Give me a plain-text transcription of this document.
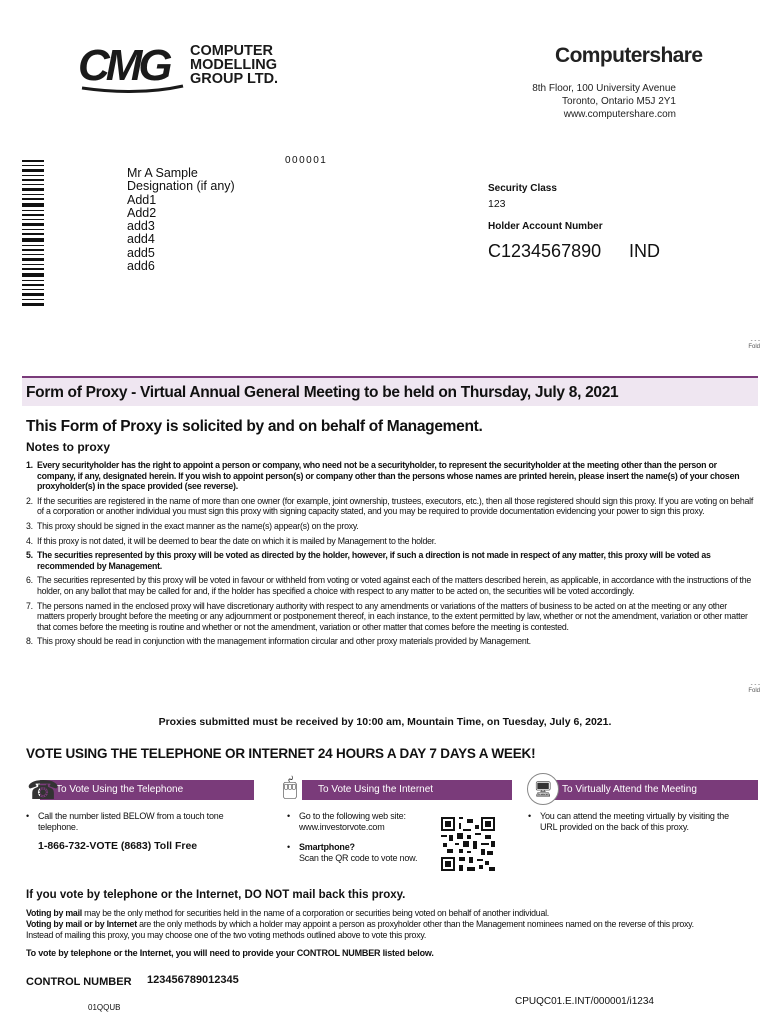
CMG COMPUTER
MODELLING
GROUP LTD.
Computershare
8th Floor, 100 University Avenue
Toronto, Ontario M5J 2Y1
www.computershare.com
000001
Mr A Sample
Designation (if any)
Add1
Add2
add3
add4
add5
add6
Security Class
123
Holder Account Number
C1234567890 IND
- - -
Fold
Form of Proxy - Virtual Annual General Meeting to be held on Thursday, July 8, 2021
This Form of Proxy is solicited by and on behalf of Management.
Notes to proxy
1. Every securityholder has the right to appoint a person or company, who need not be a securityholder, to represent the securityholder at the meeting other than the person or company, if any, designated herein. If you wish to appoint person(s) or company other than the persons whose names are printed herein, please insert the name(s) of your chosen proxyholder(s) in the space provided (see reverse).
2. If the securities are registered in the name of more than one owner (for example, joint ownership, trustees, executors, etc.), then all those registered should sign this proxy. If you are voting on behalf of a corporation or another individual you must sign this proxy with signing capacity stated, and you may be required to provide documentation evidencing your power to sign this proxy.
3. This proxy should be signed in the exact manner as the name(s) appear(s) on the proxy.
4. If this proxy is not dated, it will be deemed to bear the date on which it is mailed by Management to the holder.
5. The securities represented by this proxy will be voted as directed by the holder, however, if such a direction is not made in respect of any matter, this proxy will be voted as recommended by Management.
6. The securities represented by this proxy will be voted in favour or withheld from voting or voted against each of the matters described herein, as applicable, in accordance with the instructions of the holder, on any ballot that may be called for and, if the holder has specified a choice with respect to any matter to be acted on, the securities will be voted accordingly.
7. The persons named in the enclosed proxy will have discretionary authority with respect to any amendments or variations of the matters of business to be acted on at the meeting or any other matters properly brought before the meeting or any adjournment or postponement thereof, in each instance, to the extent permitted by law, whether or not the amendment, variation or other matter that comes before the meeting is routine and whether or not the amendment, variation or other matter that comes before the meeting is contested.
8. This proxy should be read in conjunction with the management information circular and other proxy materials provided by Management.
- - -
Fold
Proxies submitted must be received by 10:00 am, Mountain Time, on Tuesday, July 6, 2021.
VOTE USING THE TELEPHONE OR INTERNET 24 HOURS A DAY 7 DAYS A WEEK!
To Vote Using the Telephone
☎
• Call the number listed BELOW from a touch tone telephone.
1-866-732-VOTE (8683) Toll Free
To Vote Using the Internet
🖱
• Go to the following web site: www.investorvote.com
• Smartphone?
Scan the QR code to vote now.
To Virtually Attend the Meeting
🖥
• You can attend the meeting virtually by visiting the URL provided on the back of this proxy.
If you vote by telephone or the Internet, DO NOT mail back this proxy.
Voting by mail may be the only method for securities held in the name of a corporation or securities being voted on behalf of another individual.
Voting by mail or by Internet are the only methods by which a holder may appoint a person as proxyholder other than the Management nominees named on the reverse of this proxy.
Instead of mailing this proxy, you may choose one of the two voting methods outlined above to vote this proxy.
To vote by telephone or the Internet, you will need to provide your CONTROL NUMBER listed below.
CONTROL NUMBER 123456789012345
01QQUB
CPUQC01.E.INT/000001/i1234
